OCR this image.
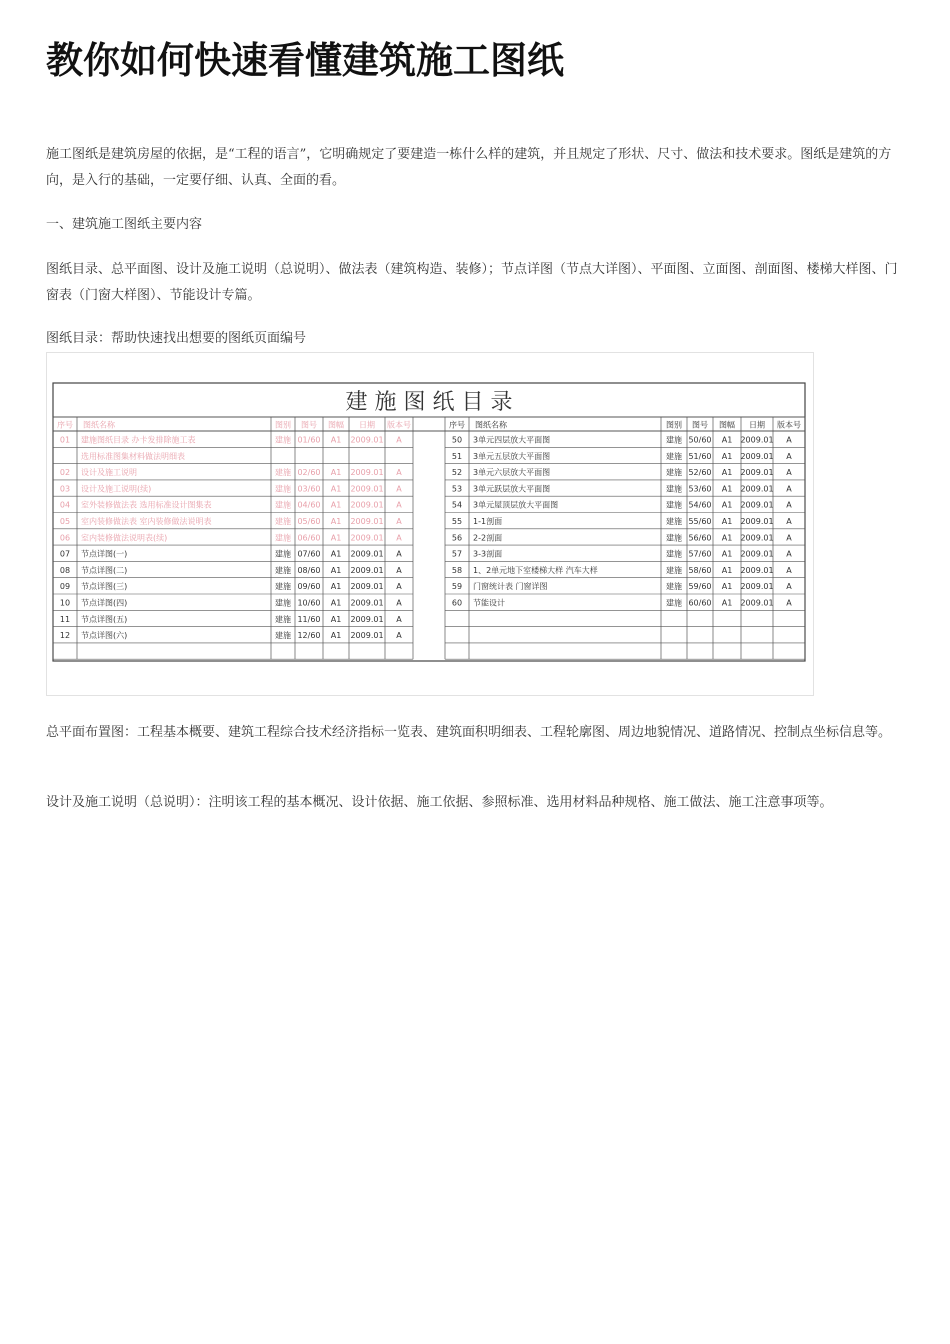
教你如何快速看懂建筑施工图纸

施工图纸是建筑房屋的依据，是“工程的语言”，它明确规定了要建造一栋什么样的建筑，并且规定了形状、尺寸、做法和技术要求。图纸是建筑的方向，是入行的基础，一定要仔细、认真、全面的看。

一、建筑施工图纸主要内容

图纸目录、总平面图、设计及施工说明（总说明）、做法表（建筑构造、装修）；节点详图（节点大详图）、平面图、立面图、剖面图、楼梯大样图、门窗表（门窗大样图）、节能设计专篇。

图纸目录：帮助快速找出想要的图纸页面编号

建 施 图 纸 目 录
序号 图纸名称	图别 图号 图幅 日期 版本号	序号 图纸名称	图别 图号 图幅 日期 版本号
01 建施图纸目录 办卡发排除施工表	建施 01/60 A1 2009.01 A
选用标准图集材料做法明细表
02 设计及施工说明	建施 02/60 A1 2009.01 A
03 设计及施工说明(续)	建施 03/60 A1 2009.01 A
04 室外装修做法表 选用标准设计图集表	建施 04/60 A1 2009.01 A
05 室内装修做法表 室内装修做法说明表	建施 05/60 A1 2009.01 A
06 室内装修做法说明表(续)	建施 06/60 A1 2009.01 A
07 节点详图(一)	建施 07/60 A1 2009.01 A
08 节点详图(二)	建施 08/60 A1 2009.01 A
09 节点详图(三)	建施 09/60 A1 2009.01 A
10 节点详图(四)	建施 10/60 A1 2009.01 A
11 节点详图(五)	建施 11/60 A1 2009.01 A
12 节点详图(六)	建施 12/60 A1 2009.01 A
50 3单元四层放大平面图	建施 50/60 A1 2009.01 A
51 3单元五层放大平面图	建施 51/60 A1 2009.01 A
52 3单元六层放大平面图	建施 52/60 A1 2009.01 A
53 3单元跃层放大平面图	建施 53/60 A1 2009.01 A
54 3单元屋顶层放大平面图	建施 54/60 A1 2009.01 A
55 1-1剖面	建施 55/60 A1 2009.01 A
56 2-2剖面	建施 56/60 A1 2009.01 A
57 3-3剖面	建施 57/60 A1 2009.01 A
58 1、2单元地下室楼梯大样 汽车大样	建施 58/60 A1 2009.01 A
59 门窗统计表 门窗详图	建施 59/60 A1 2009.01 A
60 节能设计	建施 60/60 A1 2009.01 A

总平面布置图：工程基本概要、建筑工程综合技术经济指标一览表、建筑面积明细表、工程轮廓图、周边地貌情况、道路情况、控制点坐标信息等。

设计及施工说明（总说明）：注明该工程的基本概况、设计依据、施工依据、参照标准、选用材料品种规格、施工做法、施工注意事项等。
